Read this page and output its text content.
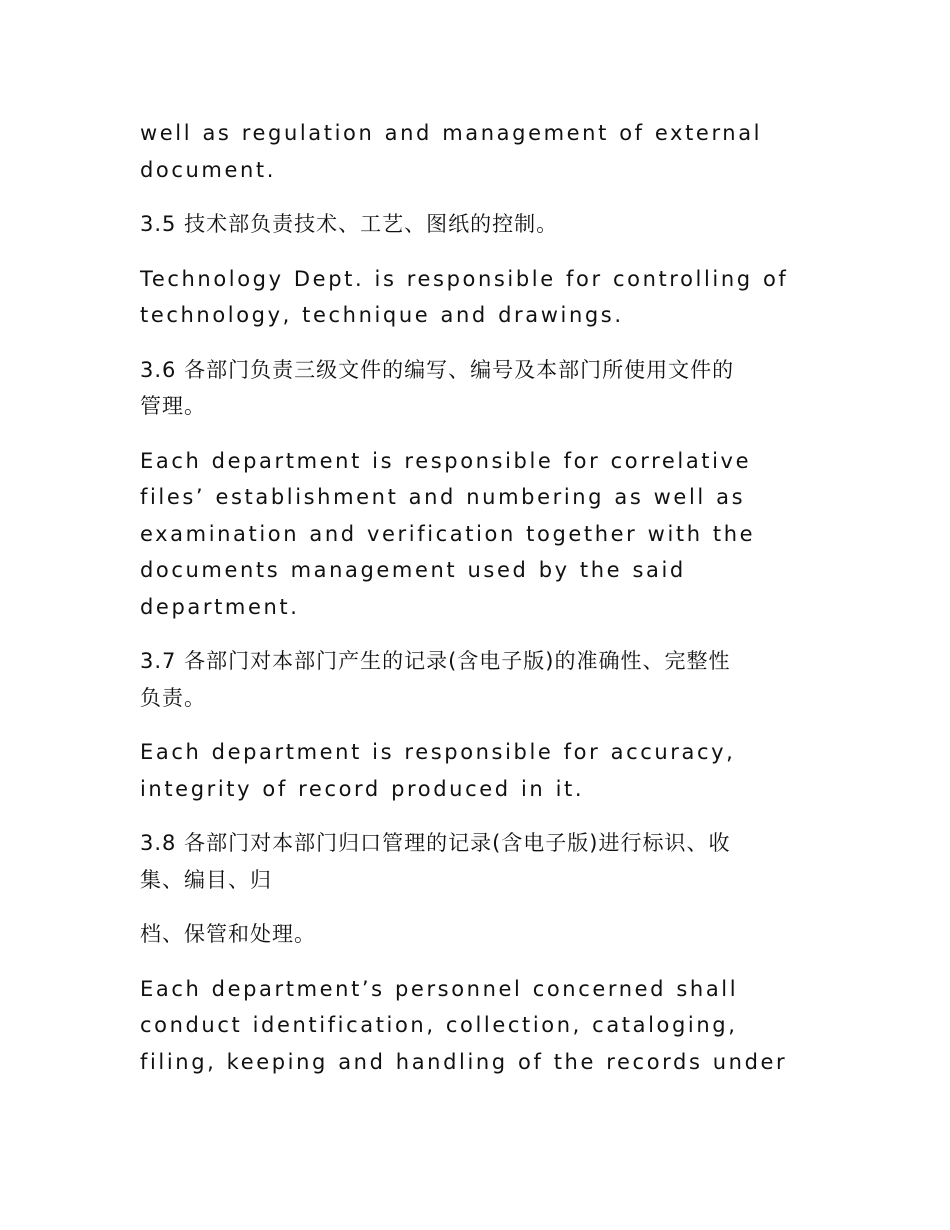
well as regulation and management of external
document.

3.5 技术部负责技术、工艺、图纸的控制。

Technology Dept. is responsible for controlling of
technology, technique and drawings.

3.6 各部门负责三级文件的编写、编号及本部门所使用文件的
管理。

Each department is responsible for correlative
files’ establishment and numbering as well as
examination and verification together with the
documents management used by the said
department.

3.7 各部门对本部门产生的记录(含电子版)的准确性、完整性
负责。

Each department is responsible for accuracy,
integrity of record produced in it.

3.8 各部门对本部门归口管理的记录(含电子版)进行标识、收
集、编目、归

档、保管和处理。

Each department’s personnel concerned shall
conduct identification, collection, cataloging,
filing, keeping and handling of the records under
